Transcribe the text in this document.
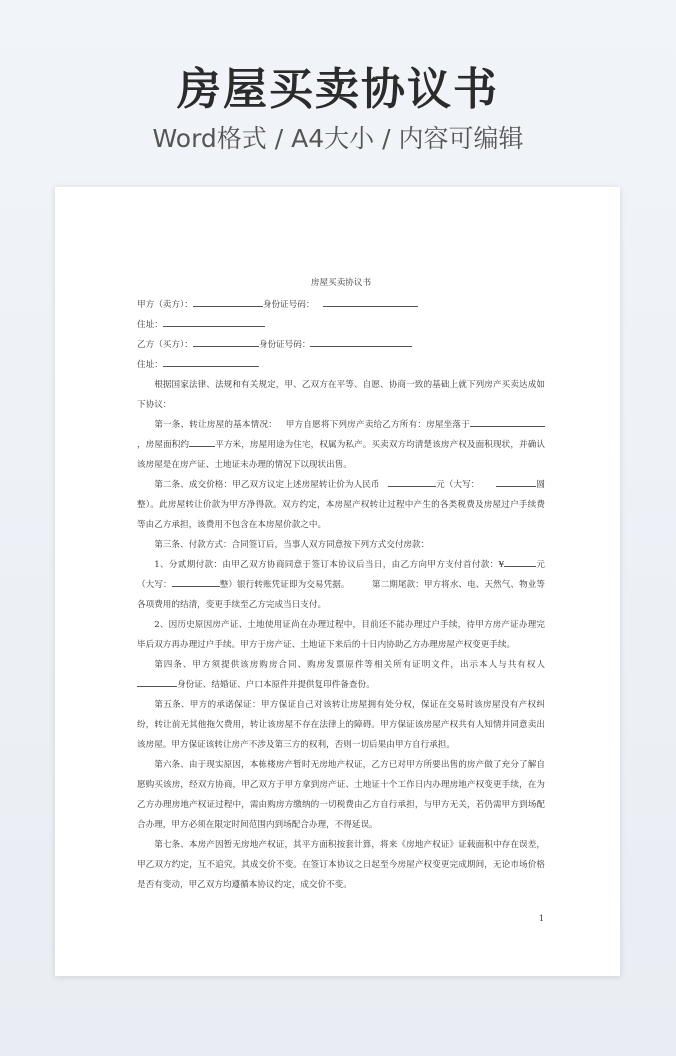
房屋买卖协议书
Word格式 / A4大小 / 内容可编辑
房屋买卖协议书

甲方（卖方）：	身份证号码：

住址：

乙方（买方）：	身份证号码：

住址：

根据国家法律、法规和有关规定，甲、乙双方在平等、自愿、协商一致的基础上就下列房产买卖达成如下协议：

第一条、转让房屋的基本情况： 甲方自愿将下列房产卖给乙方所有：房屋坐落于，房屋面积约	平方米，房屋用途为住宅，权属为私产。买卖双方均清楚该房产权及面积现状，并确认该房屋是在房产证、土地证未办理的情况下以现状出售。

第二条、成交价格：甲乙双方议定上述房屋转让价为人民币	元（大写：	圆整）。此房屋转让价款为甲方净得款。双方约定，本房屋产权转让过程中产生的各类税费及房屋过户手续费等由乙方承担，该费用不包含在本房屋价款之中。

第三条、付款方式：合同签订后，当事人双方同意按下列方式交付房款：

1、分贰期付款：由甲乙双方协商同意于签订本协议后当日，由乙方向甲方支付首付款：¥	元（大写：	整）银行转账凭证即为交易凭据。	第二期尾款：甲方将水、电、天然气、物业等各项费用的结清，变更手续至乙方完成当日支付。

2、因历史原因房产证、土地使用证尚在办理过程中，目前还不能办理过户手续，待甲方房产证办理完毕后双方再办理过户手续。甲方于房产证、土地证下来后的十日内协助乙方办理房屋产权变更手续。

第四条、甲方须提供该房购房合同、购房发票原件等相关所有证明文件，出示本人与共有权人身份证、结婚证、户口本原件并提供复印件备查份。

第五条、甲方的承诺保证：甲方保证自己对该转让房屋拥有处分权，保证在交易时该房屋没有产权纠纷，转让前无其他拖欠费用，转让该房屋不存在法律上的障碍。甲方保证该房屋产权共有人知情并同意卖出该房屋。甲方保证该转让房产不涉及第三方的权利，否则一切后果由甲方自行承担。

第六条、由于现实原因，本栋楼房产暂时无房地产权证，乙方已对甲方所要出售的房产做了充分了解自愿购买该房，经双方协商，甲乙双方于甲方拿到房产证、土地证十个工作日内办理房地产权变更手续，在为乙方办理房地产权证过程中，需由购房方缴纳的一切税费由乙方自行承担，与甲方无关，若仍需甲方到场配合办理，甲方必须在限定时间范围内到场配合办理，不得延误。

第七条、本房产因暂无房地产权证，其平方面积按套计算，将来《房地产权证》证载面积中存在误差，甲乙双方约定，互不追究，其成交价不变。在签订本协议之日起至今房屋产权变更完成期间，无论市场价格是否有变动，甲乙双方均遵循本协议约定，成交价不变。

1
